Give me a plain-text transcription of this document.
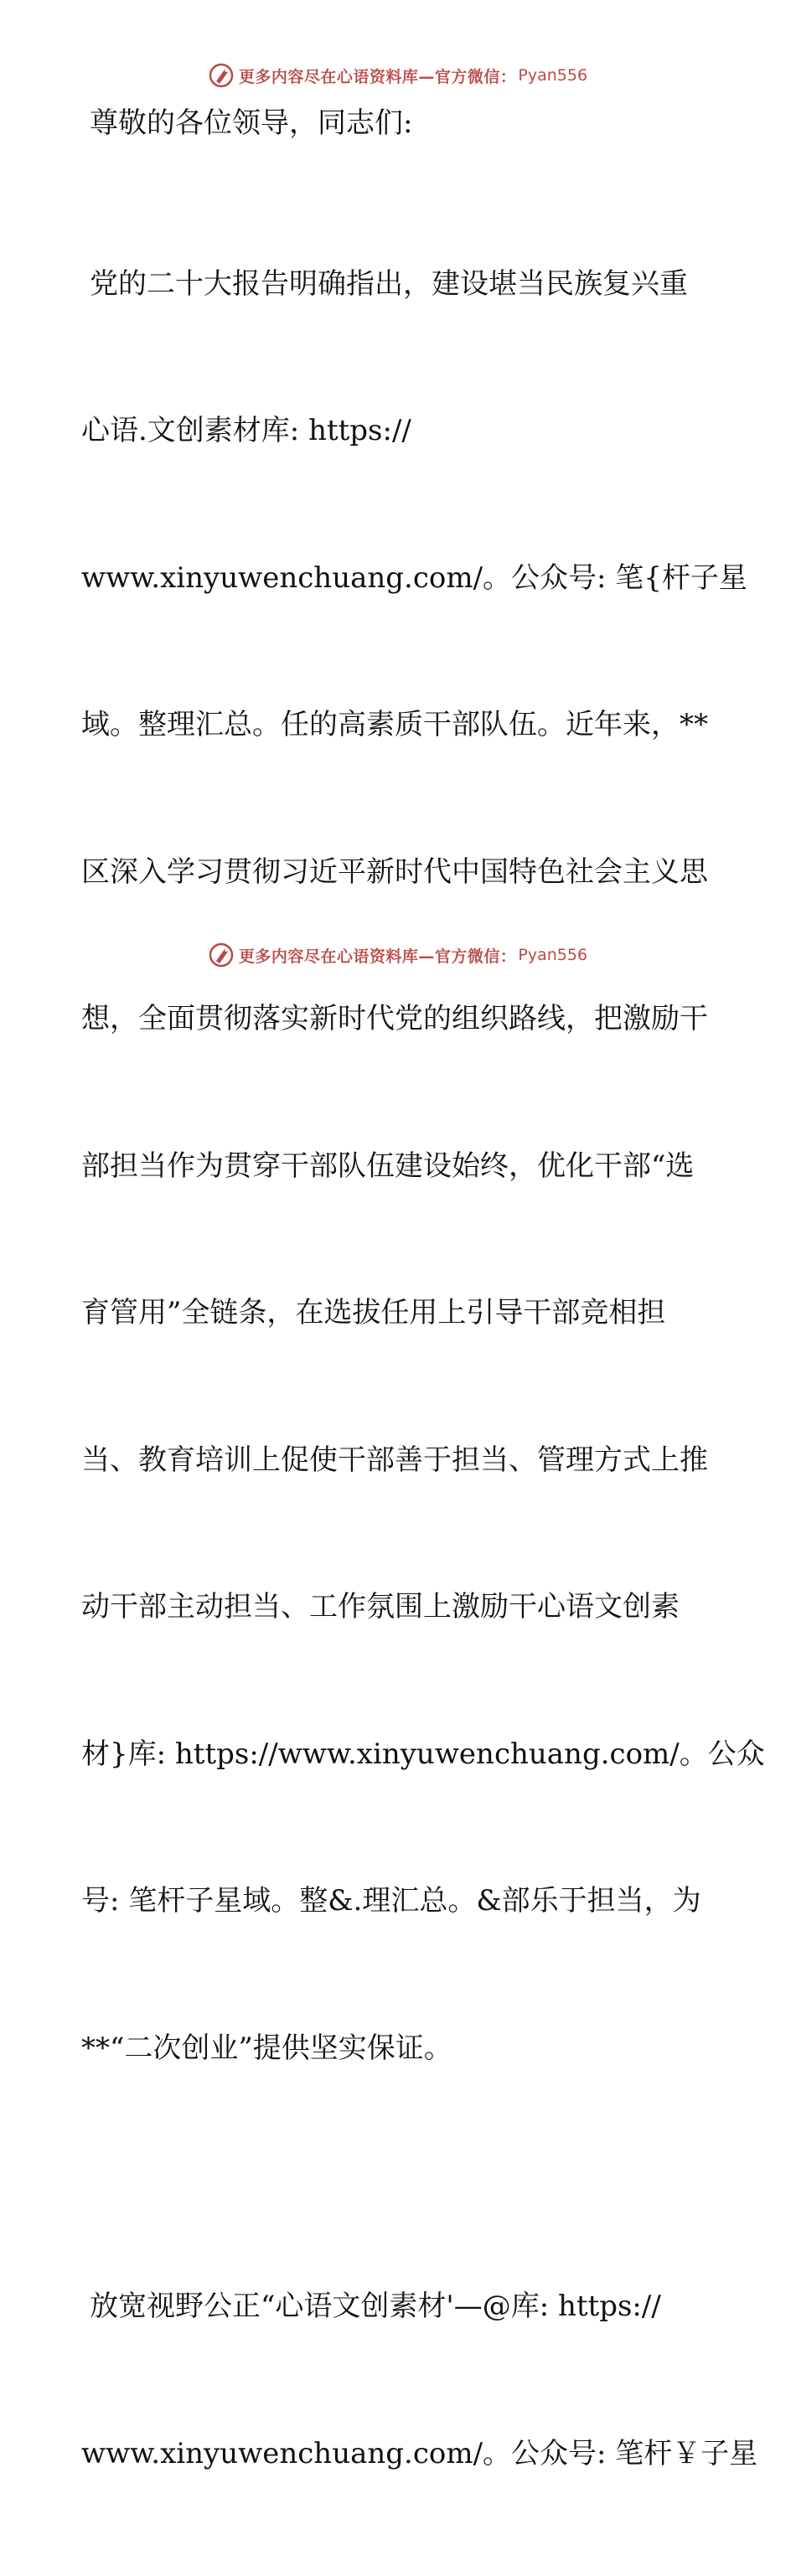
更多内容尽在心语资料库—官方微信： Pyan556

尊敬的各位领导，同志们:

党的二十大报告明确指出，建设堪当民族复兴重

心语.文创素材库: https://

www.xinyuwenchuang.com/。公众号: 笔{杆子星

域。整理汇总。任的高素质干部队伍。近年来，**

区深入学习贯彻习近平新时代中国特色社会主义思

想，全面贯彻落实新时代党的组织路线，把激励干

部担当作为贯穿干部队伍建设始终，优化干部“选

育管用”全链条，在选拔任用上引导干部竞相担

当、教育培训上促使干部善于担当、管理方式上推

动干部主动担当、工作氛围上激励干心语文创素

材}库: https://www.xinyuwenchuang.com/。公众

号: 笔杆子星域。整&.理汇总。&部乐于担当，为

**“二次创业”提供坚实保证。

放宽视野公正“心语文创素材'—@库: https://

www.xinyuwenchuang.com/。公众号: 笔杆￥子星

更多内容尽在心语资料库—官方微信： Pyan556
